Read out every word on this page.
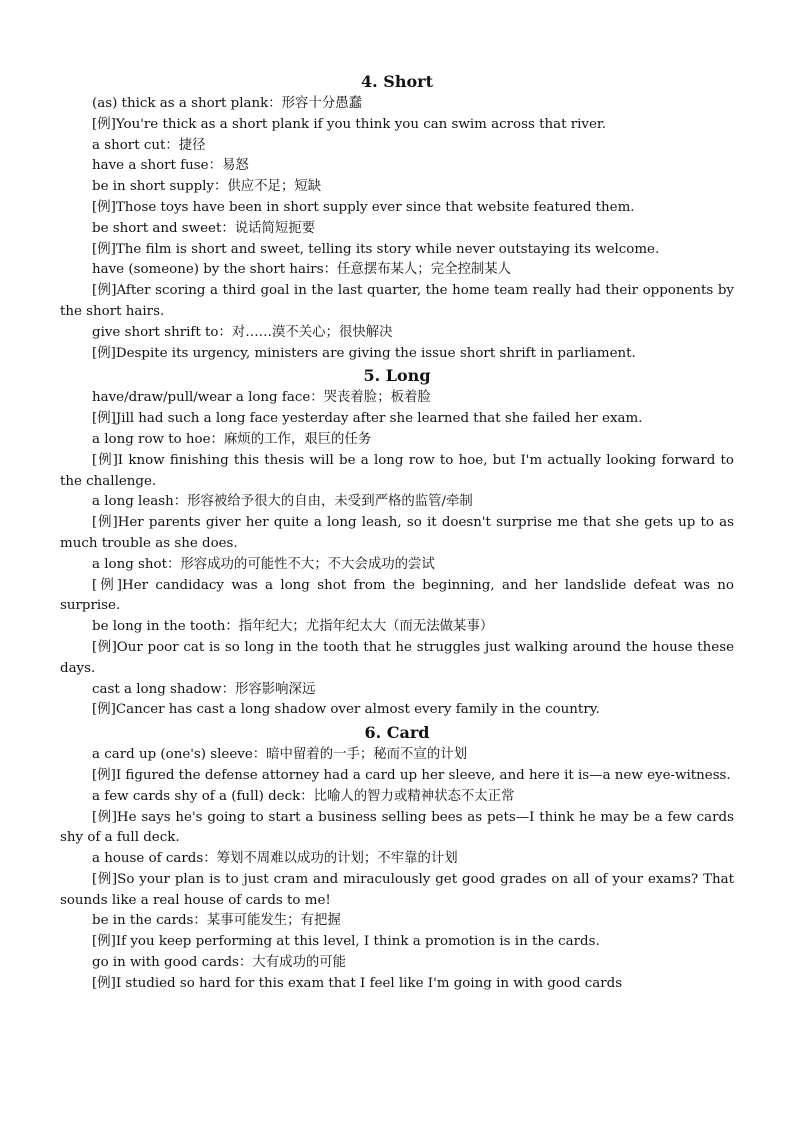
4. Short
(as) thick as a short plank：形容十分愚蠢
[例]You're thick as a short plank if you think you can swim across that river.
a short cut：捷径
have a short fuse：易怒
be in short supply：供应不足；短缺
[例]Those toys have been in short supply ever since that website featured them.
be short and sweet：说话简短扼要
[例]The film is short and sweet, telling its story while never outstaying its welcome.
have (someone) by the short hairs：任意摆布某人；完全控制某人
[例]After scoring a third goal in the last quarter, the home team really had their opponents by the short hairs.
give short shrift to：对……漠不关心；很快解决
[例]Despite its urgency, ministers are giving the issue short shrift in parliament.
5. Long
have/draw/pull/wear a long face：哭丧着脸；板着脸
[例]Jill had such a long face yesterday after she learned that she failed her exam.
a long row to hoe：麻烦的工作，艰巨的任务
[例]I know finishing this thesis will be a long row to hoe, but I'm actually looking forward to the challenge.
a long leash：形容被给予很大的自由，未受到严格的监管/牵制
[例]Her parents giver her quite a long leash, so it doesn't surprise me that she gets up to as much trouble as she does.
a long shot：形容成功的可能性不大；不大会成功的尝试
[例]Her candidacy was a long shot from the beginning, and her landslide defeat was no surprise.
be long in the tooth：指年纪大；尤指年纪太大（而无法做某事）
[例]Our poor cat is so long in the tooth that he struggles just walking around the house these days.
cast a long shadow：形容影响深远
[例]Cancer has cast a long shadow over almost every family in the country.
6. Card
a card up (one's) sleeve：暗中留着的一手；秘而不宣的计划
[例]I figured the defense attorney had a card up her sleeve, and here it is—a new eye-witness.
a few cards shy of a (full) deck：比喻人的智力或精神状态不太正常
[例]He says he's going to start a business selling bees as pets—I think he may be a few cards shy of a full deck.
a house of cards：筹划不周难以成功的计划；不牢靠的计划
[例]So your plan is to just cram and miraculously get good grades on all of your exams? That sounds like a real house of cards to me!
be in the cards：某事可能发生；有把握
[例]If you keep performing at this level, I think a promotion is in the cards.
go in with good cards：大有成功的可能
[例]I studied so hard for this exam that I feel like I'm going in with good cards
